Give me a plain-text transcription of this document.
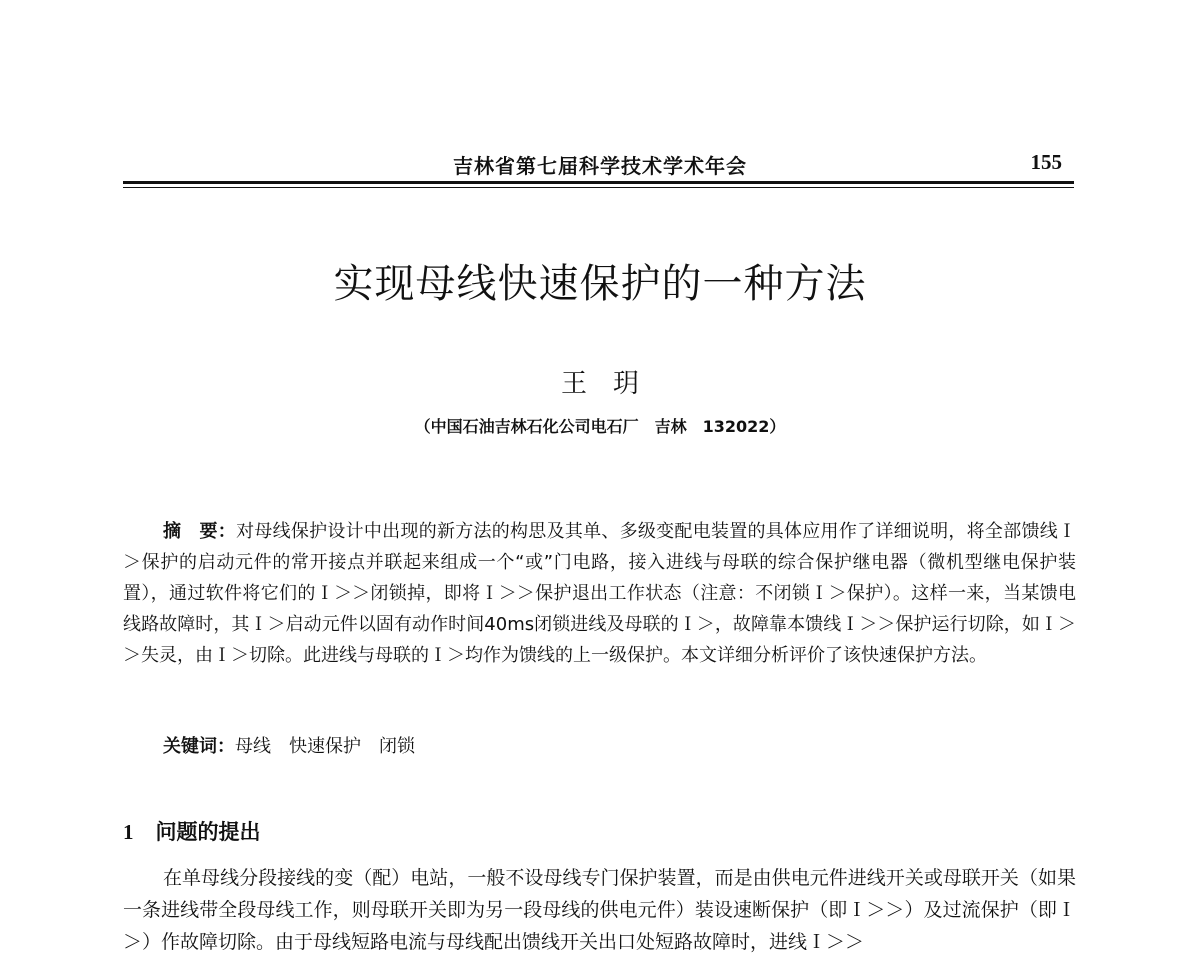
吉林省第七届科学技术学术年会	155
实现母线快速保护的一种方法
王　玥
（中国石油吉林石化公司电石厂　吉林　132022）
摘　要：对母线保护设计中出现的新方法的构思及其单、多级变配电装置的具体应用作了详细说明，将全部馈线Ｉ＞保护的启动元件的常开接点并联起来组成一个“或”门电路，接入进线与母联的综合保护继电器（微机型继电保护装置），通过软件将它们的Ｉ＞＞闭锁掉，即将Ｉ＞＞保护退出工作状态（注意：不闭锁Ｉ＞保护）。这样一来，当某馈电线路故障时，其Ｉ＞启动元件以固有动作时间40ms闭锁进线及母联的Ｉ＞，故障靠本馈线Ｉ＞＞保护运行切除，如Ｉ＞＞失灵，由Ｉ＞切除。此进线与母联的Ｉ＞均作为馈线的上一级保护。本文详细分析评价了该快速保护方法。
关键词：母线 快速保护 闭锁
1 问题的提出
在单母线分段接线的变（配）电站，一般不设母线专门保护装置，而是由供电元件进线开关或母联开关（如果一条进线带全段母线工作，则母联开关即为另一段母线的供电元件）装设速断保护（即Ｉ＞＞）及过流保护（即Ｉ＞）作故障切除。由于母线短路电流与母线配出馈线开关出口处短路故障时，进线Ｉ＞＞
